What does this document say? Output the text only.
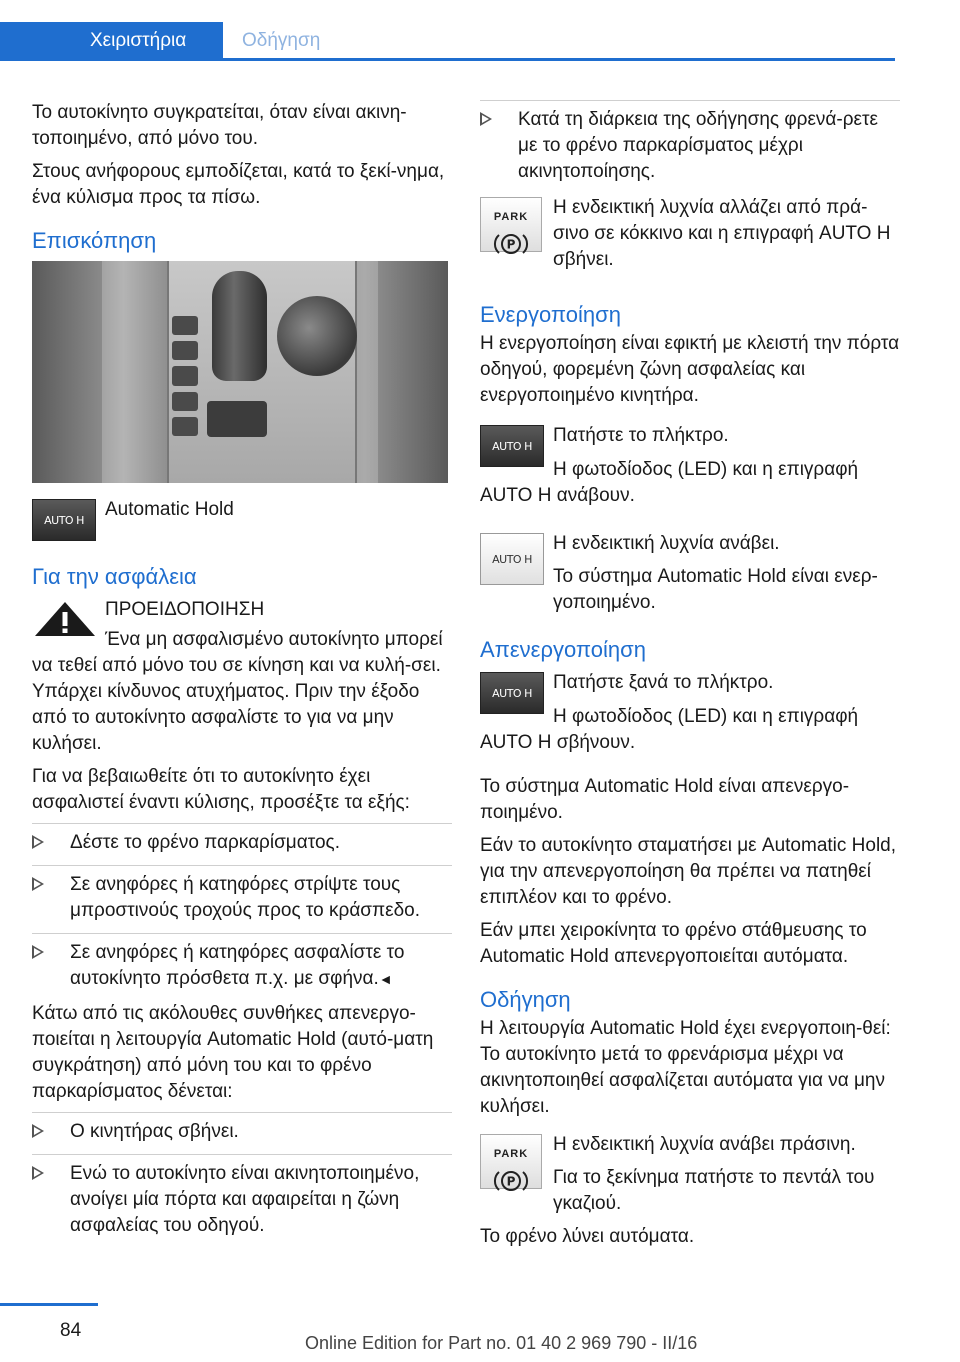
Χειριστήρια	Οδήγηση

Το αυτοκίνητο συγκρατείται, όταν είναι ακινη‐τοποιημένο, από μόνο του.

Στους ανήφορους εμποδίζεται, κατά το ξεκί‐νημα, ένα κύλισμα προς τα πίσω.

Επισκόπηση
AUTO H
Automatic Hold
Για την ασφάλεια
ΠΡΟΕΙΔΟΠΟΙΗΣΗ

Ένα μη ασφαλισμένο αυτοκίνητο μπορεί να τεθεί από μόνο του σε κίνηση και να κυλή‐σει. Υπάρχει κίνδυνος ατυχήματος. Πριν την έξοδο από το αυτοκίνητο ασφαλίστε το για να μην κυλήσει.

Για να βεβαιωθείτε ότι το αυτοκίνητο έχει ασφαλιστεί έναντι κύλισης, προσέξτε τα εξής:

Δέστε το φρένο παρκαρίσματος.
Σε ανηφόρες ή κατηφόρες στρίψτε τους μπροστινούς τροχούς προς το κράσπεδο.
Σε ανηφόρες ή κατηφόρες ασφαλίστε το αυτοκίνητο πρόσθετα π.χ. με σφήνα.◄

Κάτω από τις ακόλουθες συνθήκες απενεργο‐ποιείται η λειτουργία Automatic Hold (αυτό‐ματη συγκράτηση) από μόνη του και το φρένο παρκαρίσματος δένεται:

Ο κινητήρας σβήνει.
Ενώ το αυτοκίνητο είναι ακινητοποιημένο, ανοίγει μία πόρτα και αφαιρείται η ζώνη ασφαλείας του οδηγού.
Κατά τη διάρκεια της οδήγησης φρενά‐ρετε με το φρένο παρκαρίσματος μέχρι ακινητοποίησης.
PARK
P
Η ενδεικτική λυχνία αλλάζει από πρά‐σινο σε κόκκινο και η επιγραφή AUTO H σβήνει.
Ενεργοποίηση

Η ενεργοποίηση είναι εφικτή με κλειστή την πόρτα οδηγού, φορεμένη ζώνη ασφαλείας και ενεργοποιημένο κινητήρα.

AUTO H
Πατήστε το πλήκτρο.

Η φωτοδίοδος (LED) και η επιγραφή AUTO H ανάβουν.

AUTO H

Η ενδεικτική λυχνία ανάβει.

Το σύστημα Automatic Hold είναι ενερ‐γοποιημένο.

Απενεργοποίηση
AUTO H
Πατήστε ξανά το πλήκτρο.

Η φωτοδίοδος (LED) και η επιγραφή AUTO H σβήνουν.

Το σύστημα Automatic Hold είναι απενεργο‐ποιημένο.

Εάν το αυτοκίνητο σταματήσει με Automatic Hold, για την απενεργοποίηση θα πρέπει να πατηθεί επιπλέον και το φρένο.

Εάν μπει χειροκίνητα το φρένο στάθμευσης το Automatic Hold απενεργοποιείται αυτόματα.

Οδήγηση

Η λειτουργία Automatic Hold έχει ενεργοποιη‐θεί: Το αυτοκίνητο μετά το φρενάρισμα μέχρι να ακινητοποιηθεί ασφαλίζεται αυτόματα για να μην κυλήσει.

PARK
P

Η ενδεικτική λυχνία ανάβει πράσινη.

Για το ξεκίνημα πατήστε το πεντάλ του γκαζιού.

Το φρένο λύνει αυτόματα.

84
Online Edition for Part no. 01 40 2 969 790 - II/16
